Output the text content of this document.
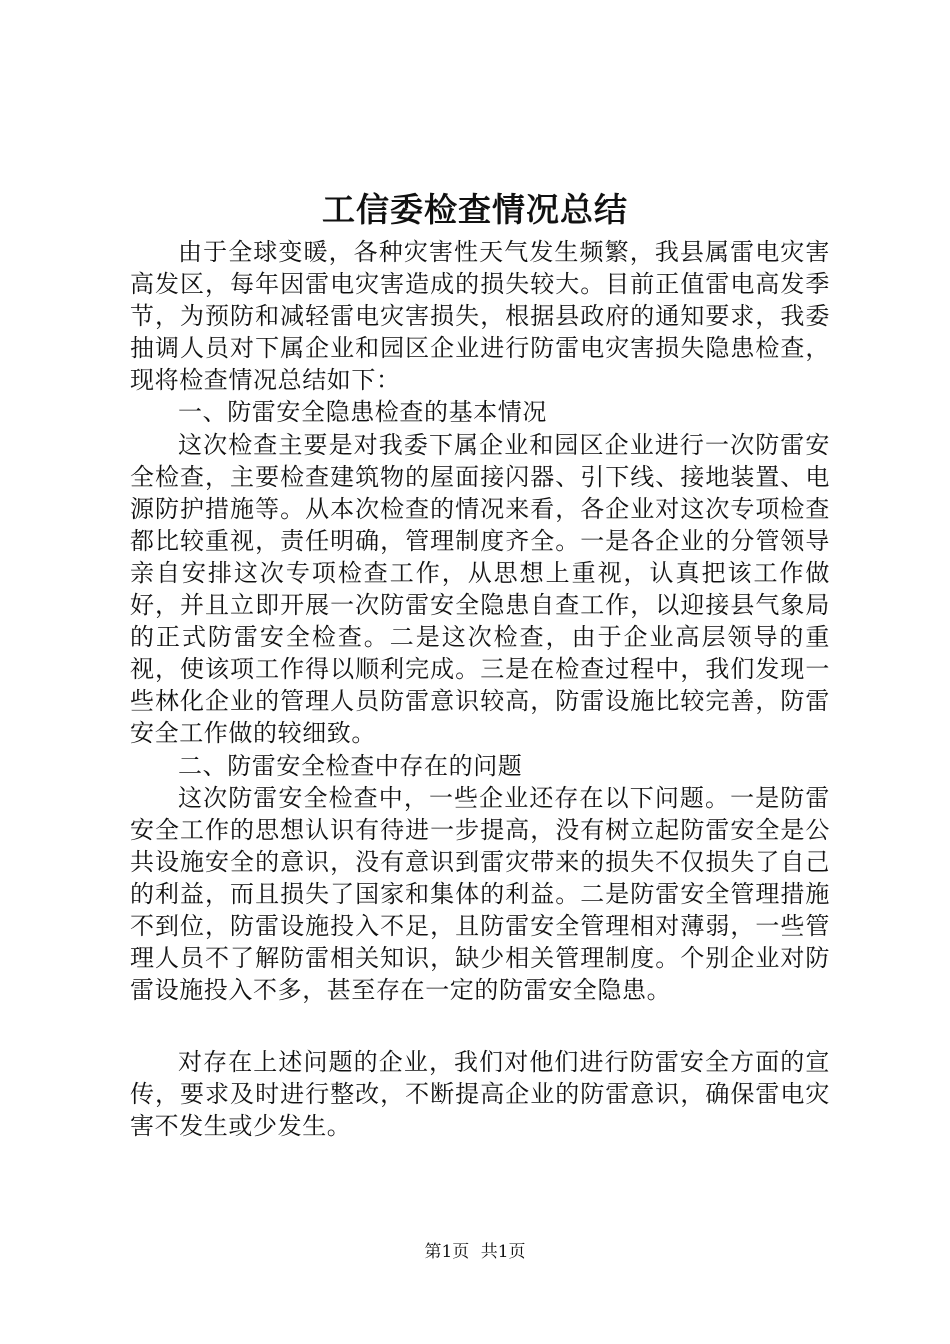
工信委检查情况总结

由于全球变暖，各种灾害性天气发生频繁，我县属雷电灾害高发区，每年因雷电灾害造成的损失较大。目前正值雷电高发季节，为预防和减轻雷电灾害损失，根据县政府的通知要求，我委抽调人员对下属企业和园区企业进行防雷电灾害损失隐患检查，现将检查情况总结如下：

一、防雷安全隐患检查的基本情况

这次检查主要是对我委下属企业和园区企业进行一次防雷安全检查，主要检查建筑物的屋面接闪器、引下线、接地装置、电源防护措施等。从本次检查的情况来看，各企业对这次专项检查都比较重视，责任明确，管理制度齐全。一是各企业的分管领导亲自安排这次专项检查工作，从思想上重视，认真把该工作做好，并且立即开展一次防雷安全隐患自查工作，以迎接县气象局的正式防雷安全检查。二是这次检查，由于企业高层领导的重视，使该项工作得以顺利完成。三是在检查过程中，我们发现一些林化企业的管理人员防雷意识较高，防雷设施比较完善，防雷安全工作做的较细致。

二、防雷安全检查中存在的问题

这次防雷安全检查中，一些企业还存在以下问题。一是防雷安全工作的思想认识有待进一步提高，没有树立起防雷安全是公共设施安全的意识，没有意识到雷灾带来的损失不仅损失了自己的利益，而且损失了国家和集体的利益。二是防雷安全管理措施不到位，防雷设施投入不足，且防雷安全管理相对薄弱，一些管理人员不了解防雷相关知识，缺少相关管理制度。个别企业对防雷设施投入不多，甚至存在一定的防雷安全隐患。

对存在上述问题的企业，我们对他们进行防雷安全方面的宣传，要求及时进行整改，不断提高企业的防雷意识，确保雷电灾害不发生或少发生。

第1页 共1页
